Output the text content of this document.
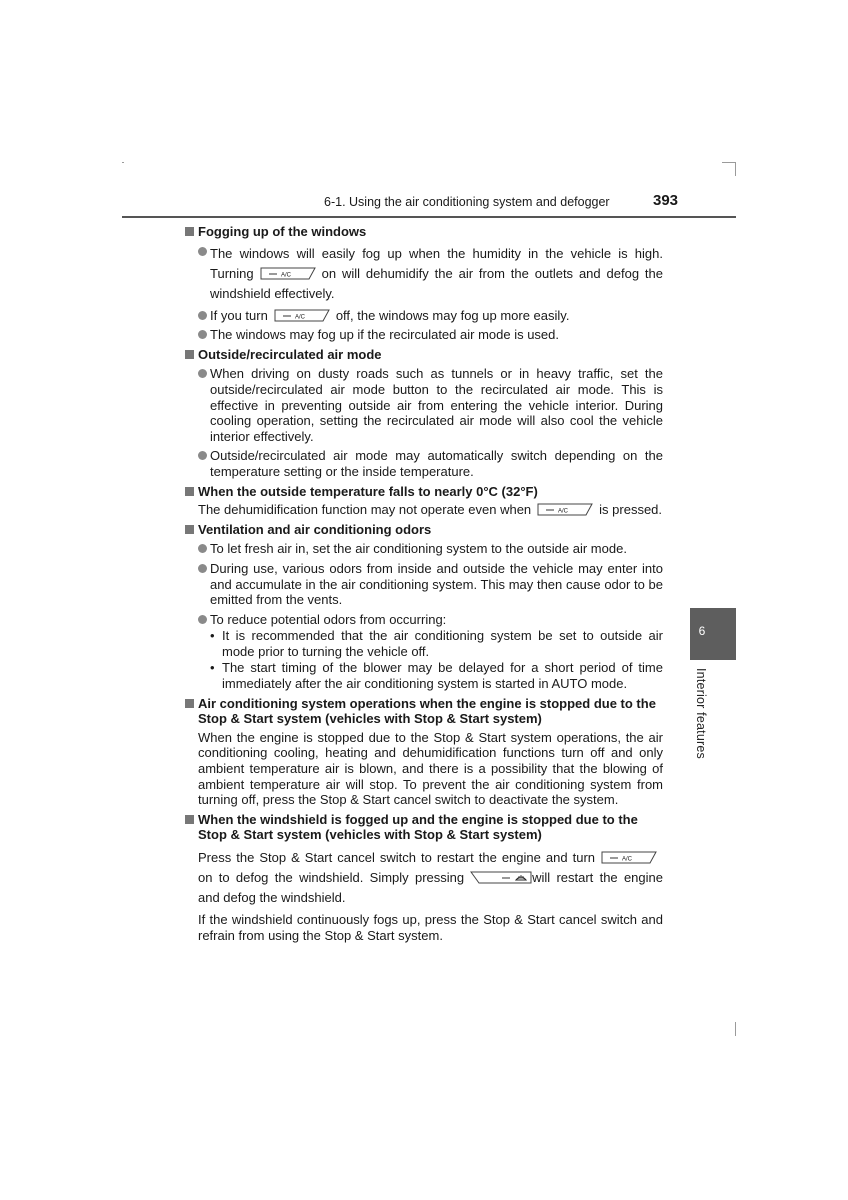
6-1. Using the air conditioning system and defogger	393
6
Interior features
Fogging up of the windows
The windows will easily fog up when the humidity in the vehicle is high. Turning	A/C on will dehumidify the air from the outlets and defog the windshield effectively.
If you turn	A/C off, the windows may fog up more easily.
The windows may fog up if the recirculated air mode is used.
Outside/recirculated air mode
When driving on dusty roads such as tunnels or in heavy traffic, set the outside/recirculated air mode button to the recirculated air mode. This is effective in preventing outside air from entering the vehicle interior. During cooling operation, setting the recirculated air mode will also cool the vehicle interior effectively.
Outside/recirculated air mode may automatically switch depending on the temperature setting or the inside temperature.
When the outside temperature falls to nearly 0°C (32°F)
The dehumidification function may not operate even when	A/C is pressed.
Ventilation and air conditioning odors
To let fresh air in, set the air conditioning system to the outside air mode.
During use, various odors from inside and outside the vehicle may enter into and accumulate in the air conditioning system. This may then cause odor to be emitted from the vents.
To reduce potential odors from occurring:
• It is recommended that the air conditioning system be set to outside air mode prior to turning the vehicle off.
• The start timing of the blower may be delayed for a short period of time immediately after the air conditioning system is started in AUTO mode.
Air conditioning system operations when the engine is stopped due to the Stop & Start system (vehicles with Stop & Start system)
When the engine is stopped due to the Stop & Start system operations, the air conditioning cooling, heating and dehumidification functions turn off and only ambient temperature air is blown, and there is a possibility that the blowing of ambient temperature air will stop. To prevent the air conditioning system from turning off, press the Stop & Start cancel switch to deactivate the system.
When the windshield is fogged up and the engine is stopped due to the Stop & Start system (vehicles with Stop & Start system)
Press the Stop & Start cancel switch to restart the engine and turn	A/C
on to defog the windshield. Simply pressing	will restart the engine and defog the windshield.
If the windshield continuously fogs up, press the Stop & Start cancel switch and refrain from using the Stop & Start system.
